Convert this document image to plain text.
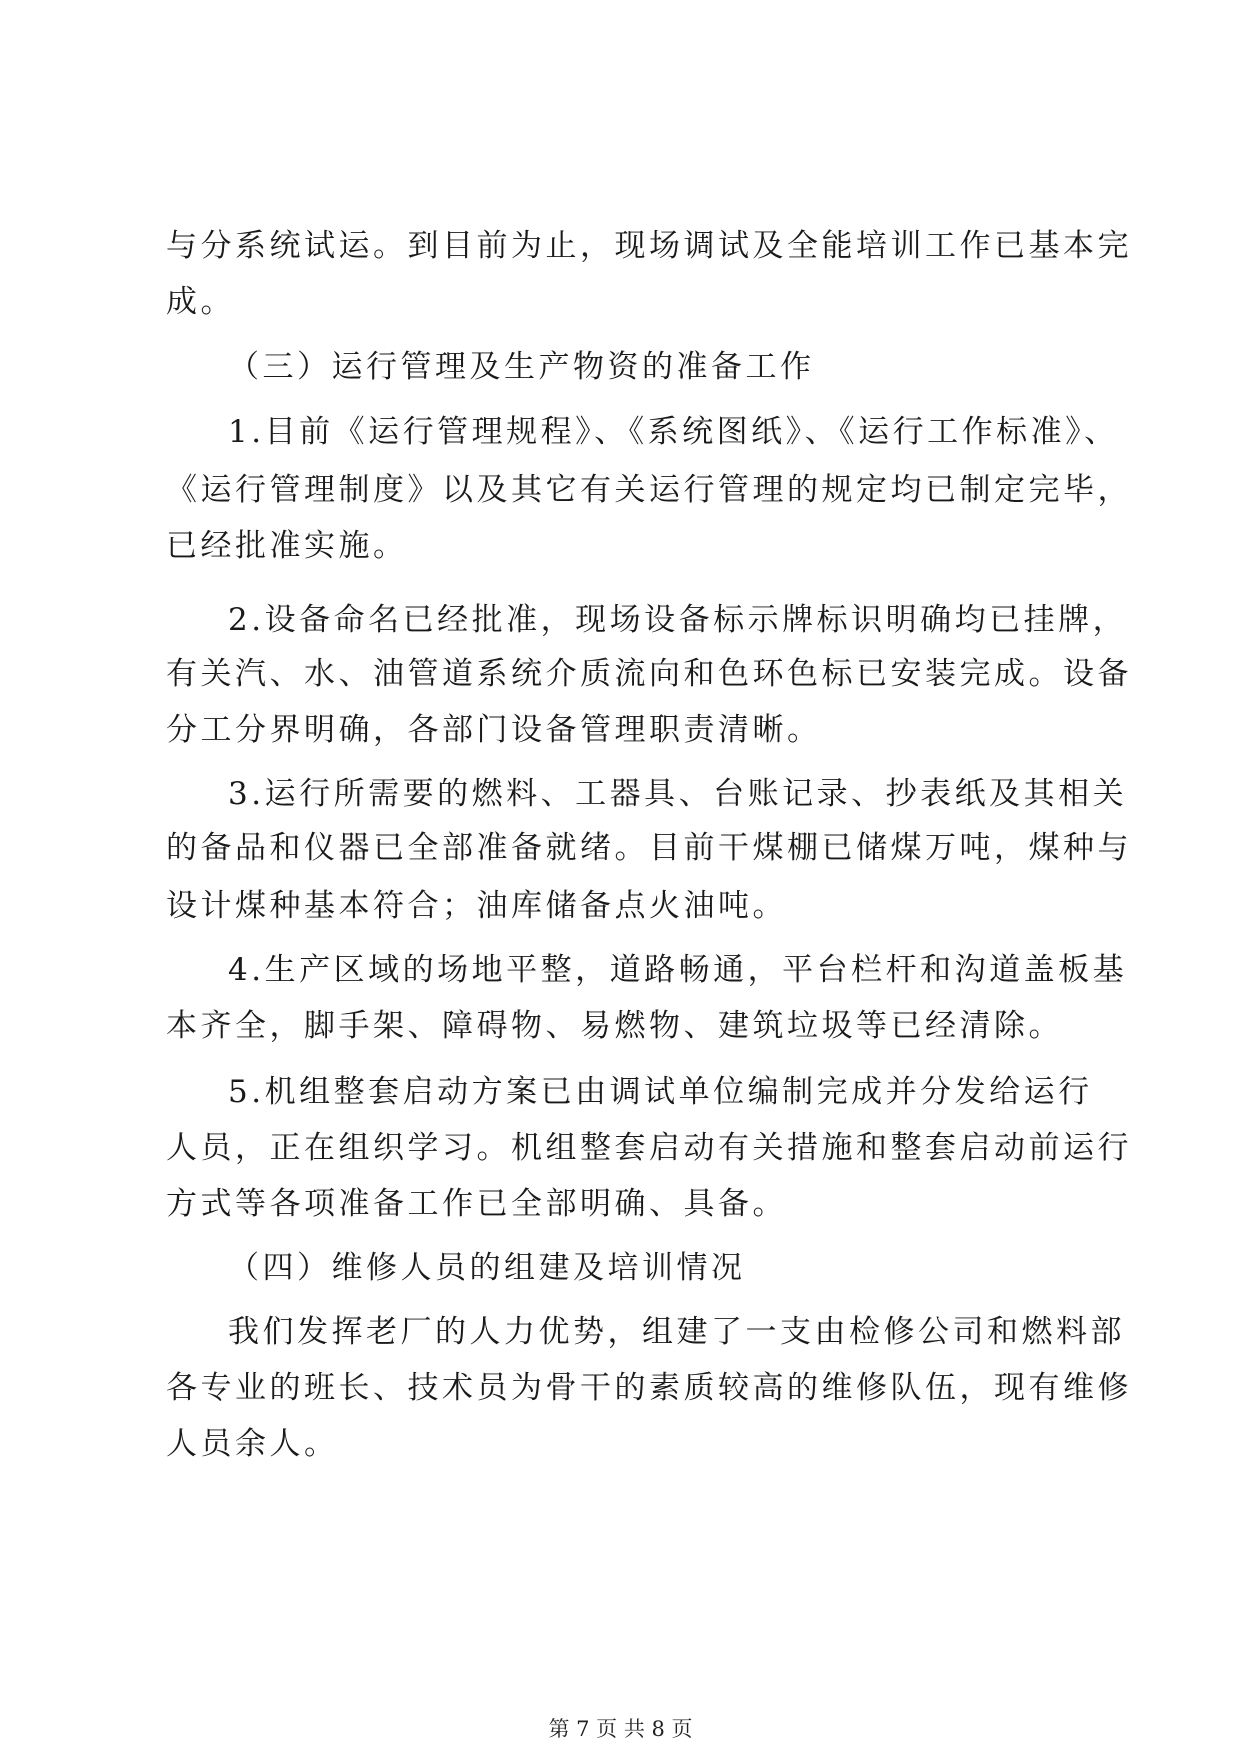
与分系统试运。到目前为止，现场调试及全能培训工作已基本完
成。
（三）运行管理及生产物资的准备工作
1.目前《运行管理规程》、《系统图纸》、《运行工作标准》、
《运行管理制度》以及其它有关运行管理的规定均已制定完毕，
已经批准实施。
2.设备命名已经批准，现场设备标示牌标识明确均已挂牌，
有关汽、水、油管道系统介质流向和色环色标已安装完成。设备
分工分界明确，各部门设备管理职责清晰。
3.运行所需要的燃料、工器具、台账记录、抄表纸及其相关
的备品和仪器已全部准备就绪。目前干煤棚已储煤万吨，煤种与
设计煤种基本符合；油库储备点火油吨。
4.生产区域的场地平整，道路畅通，平台栏杆和沟道盖板基
本齐全，脚手架、障碍物、易燃物、建筑垃圾等已经清除。
5.机组整套启动方案已由调试单位编制完成并分发给运行
人员，正在组织学习。机组整套启动有关措施和整套启动前运行
方式等各项准备工作已全部明确、具备。
（四）维修人员的组建及培训情况
我们发挥老厂的人力优势，组建了一支由检修公司和燃料部
各专业的班长、技术员为骨干的素质较高的维修队伍，现有维修
人员余人。
第 7 页 共 8 页
